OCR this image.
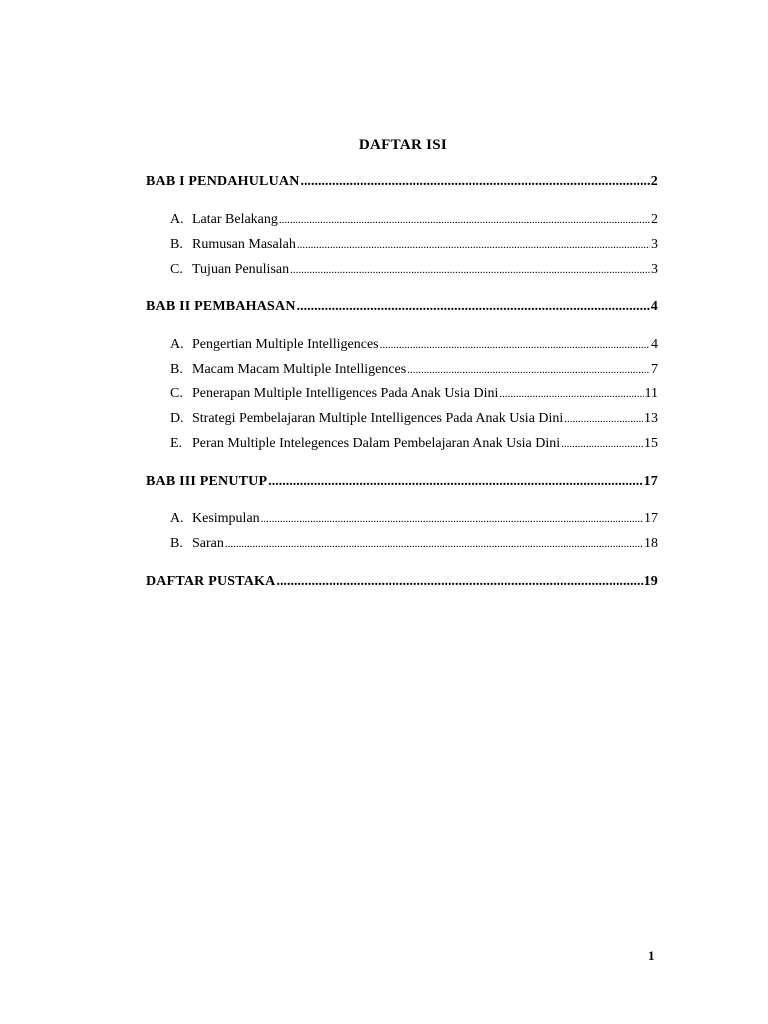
DAFTAR ISI
BAB I PENDAHULUAN .....	2
A. Latar Belakang .....	2
B. Rumusan Masalah .....	3
C. Tujuan Penulisan .....	3
BAB II PEMBAHASAN .....	4
A. Pengertian Multiple Intelligences .....	4
B. Macam Macam Multiple Intelligences .....	7
C. Penerapan Multiple Intelligences Pada Anak Usia Dini .....	11
D. Strategi Pembelajaran Multiple Intelligences Pada Anak Usia Dini .....	13
E. Peran Multiple Intelegences Dalam Pembelajaran Anak Usia Dini .....	15
BAB III PENUTUP .....	17
A. Kesimpulan .....	17
B. Saran .....	18
DAFTAR PUSTAKA .....	19
1
